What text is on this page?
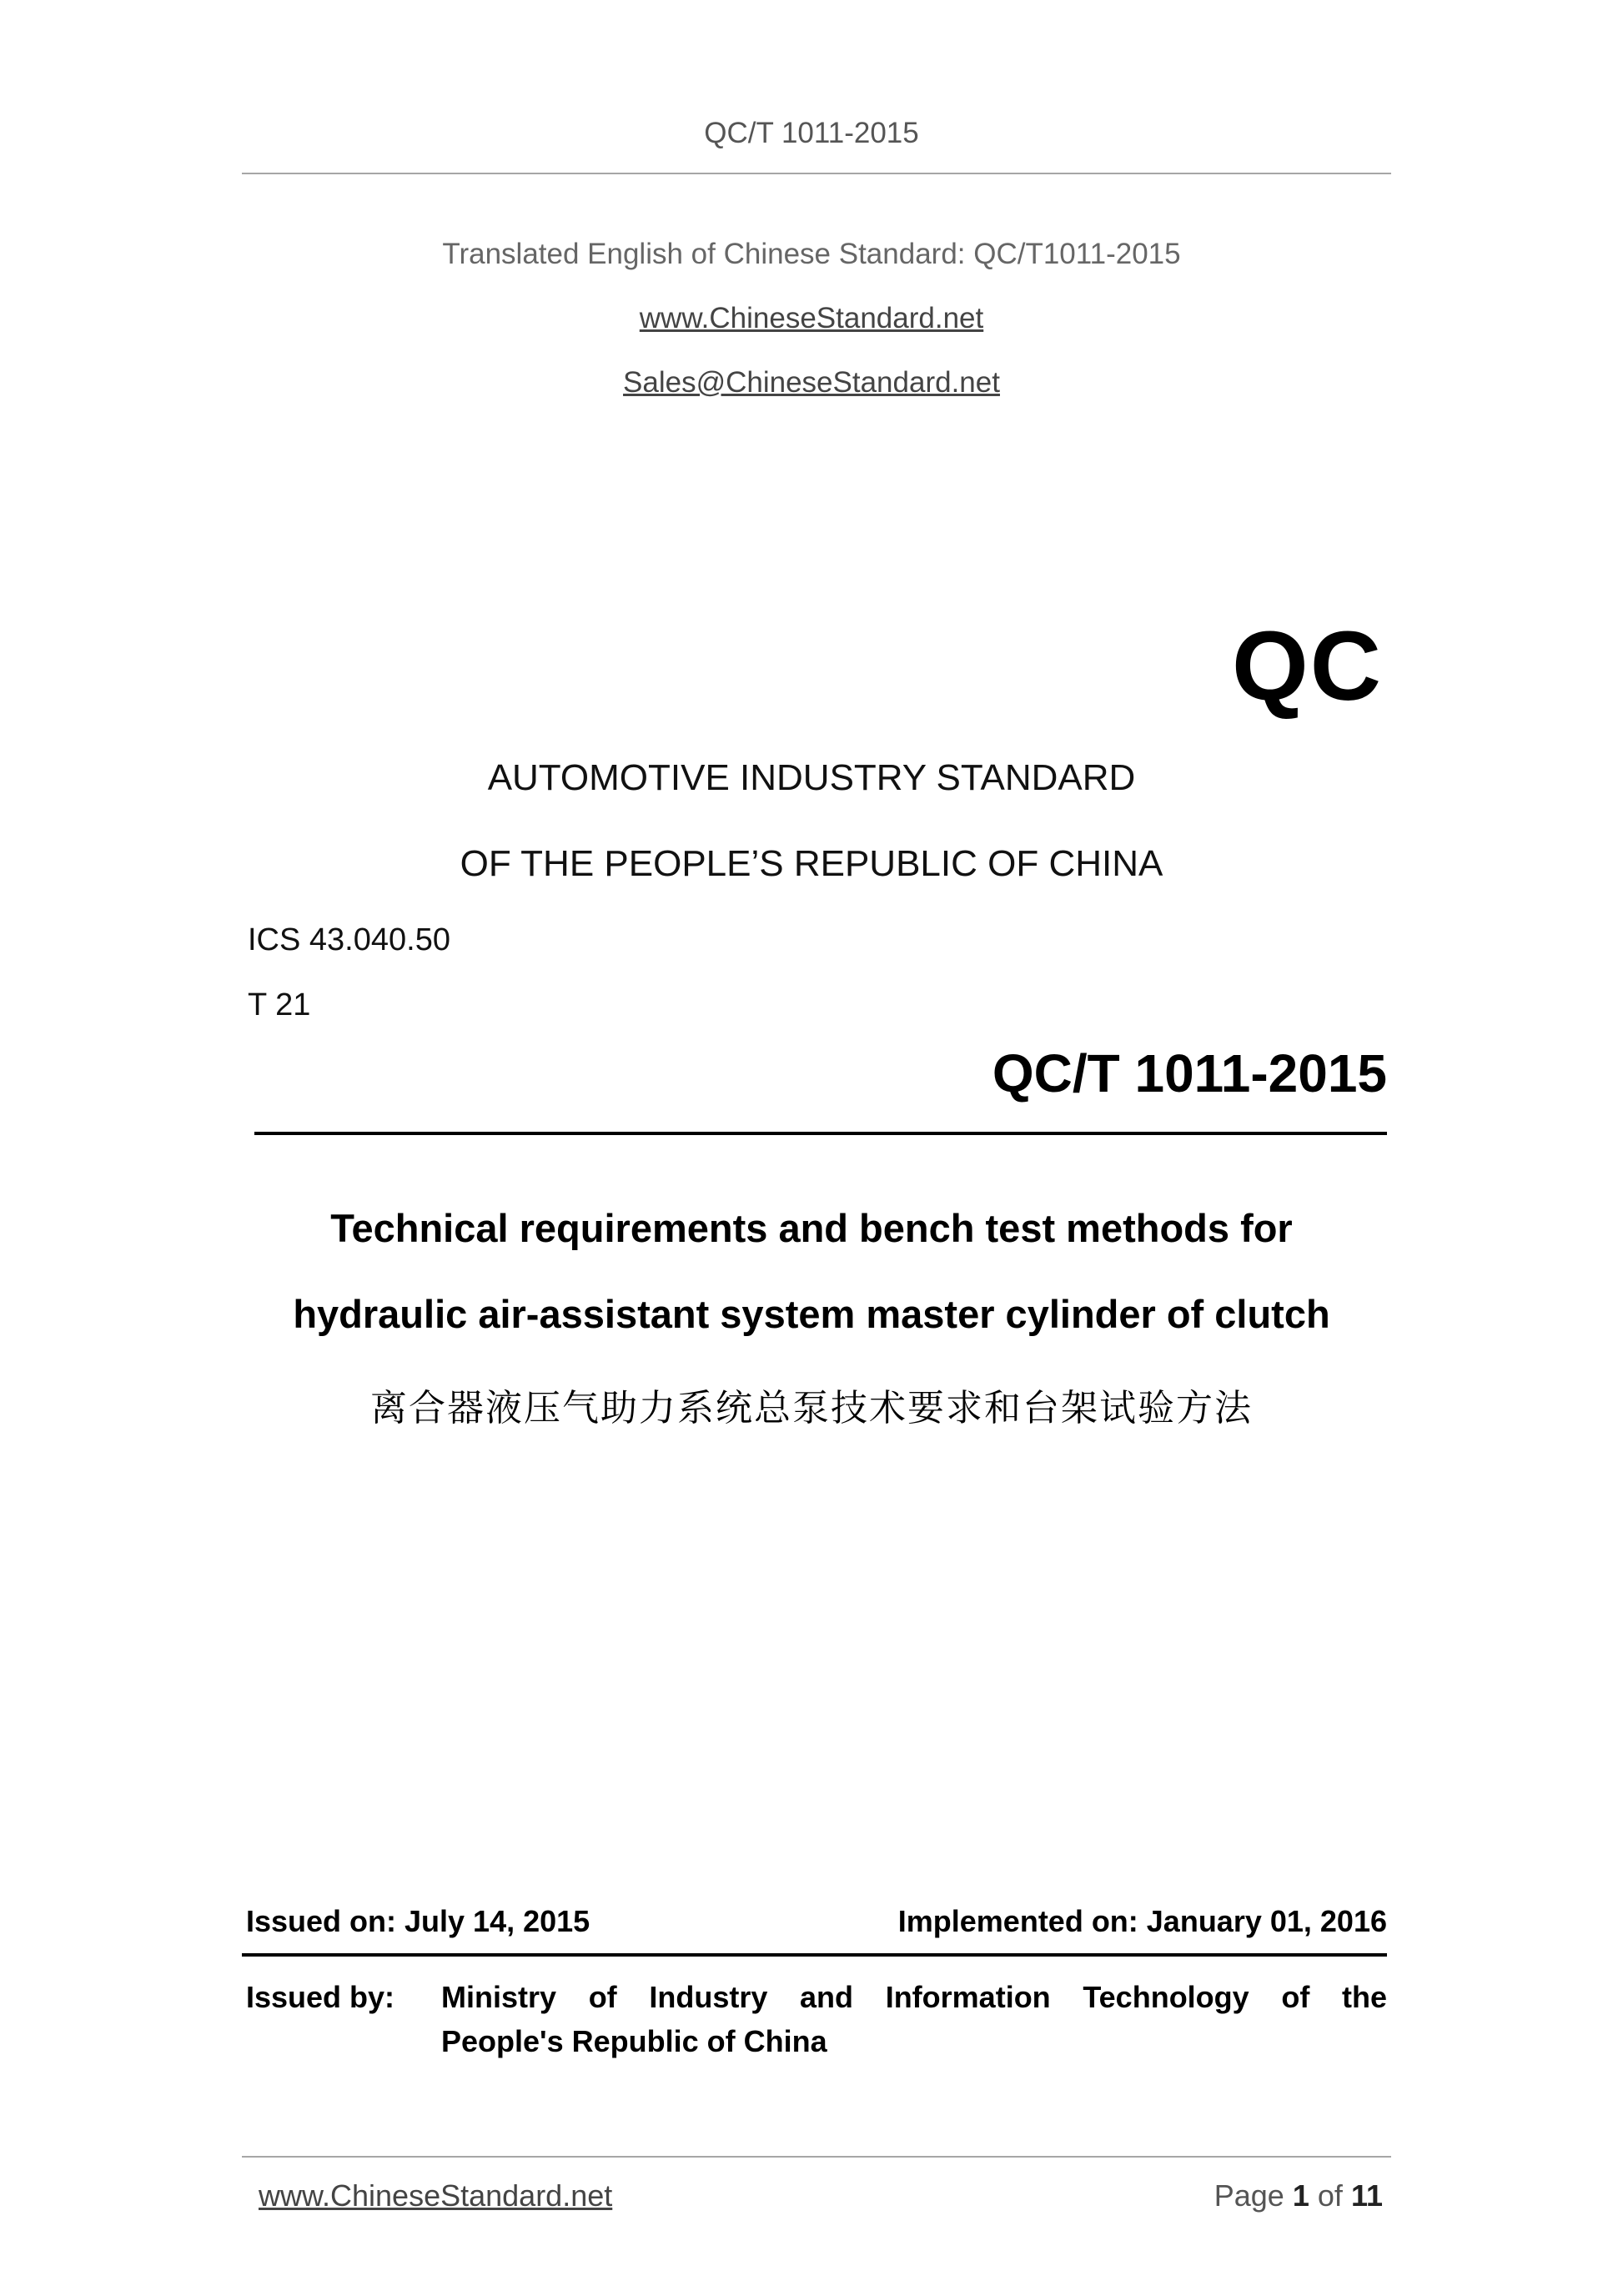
QC/T 1011-2015
Translated English of Chinese Standard: QC/T1011-2015
www.ChineseStandard.net
Sales@ChineseStandard.net
QC
AUTOMOTIVE INDUSTRY STANDARD
OF THE PEOPLE’S REPUBLIC OF CHINA
ICS 43.040.50
T 21
QC/T 1011-2015
Technical requirements and bench test methods for
hydraulic air-assistant system master cylinder of clutch
离合器液压气助力系统总泵技术要求和台架试验方法
Issued on: July 14, 2015	Implemented on: January 01, 2016
Issued by: Ministry of Industry and Information Technology of the
People's Republic of China
www.ChineseStandard.net	Page 1 of 11
